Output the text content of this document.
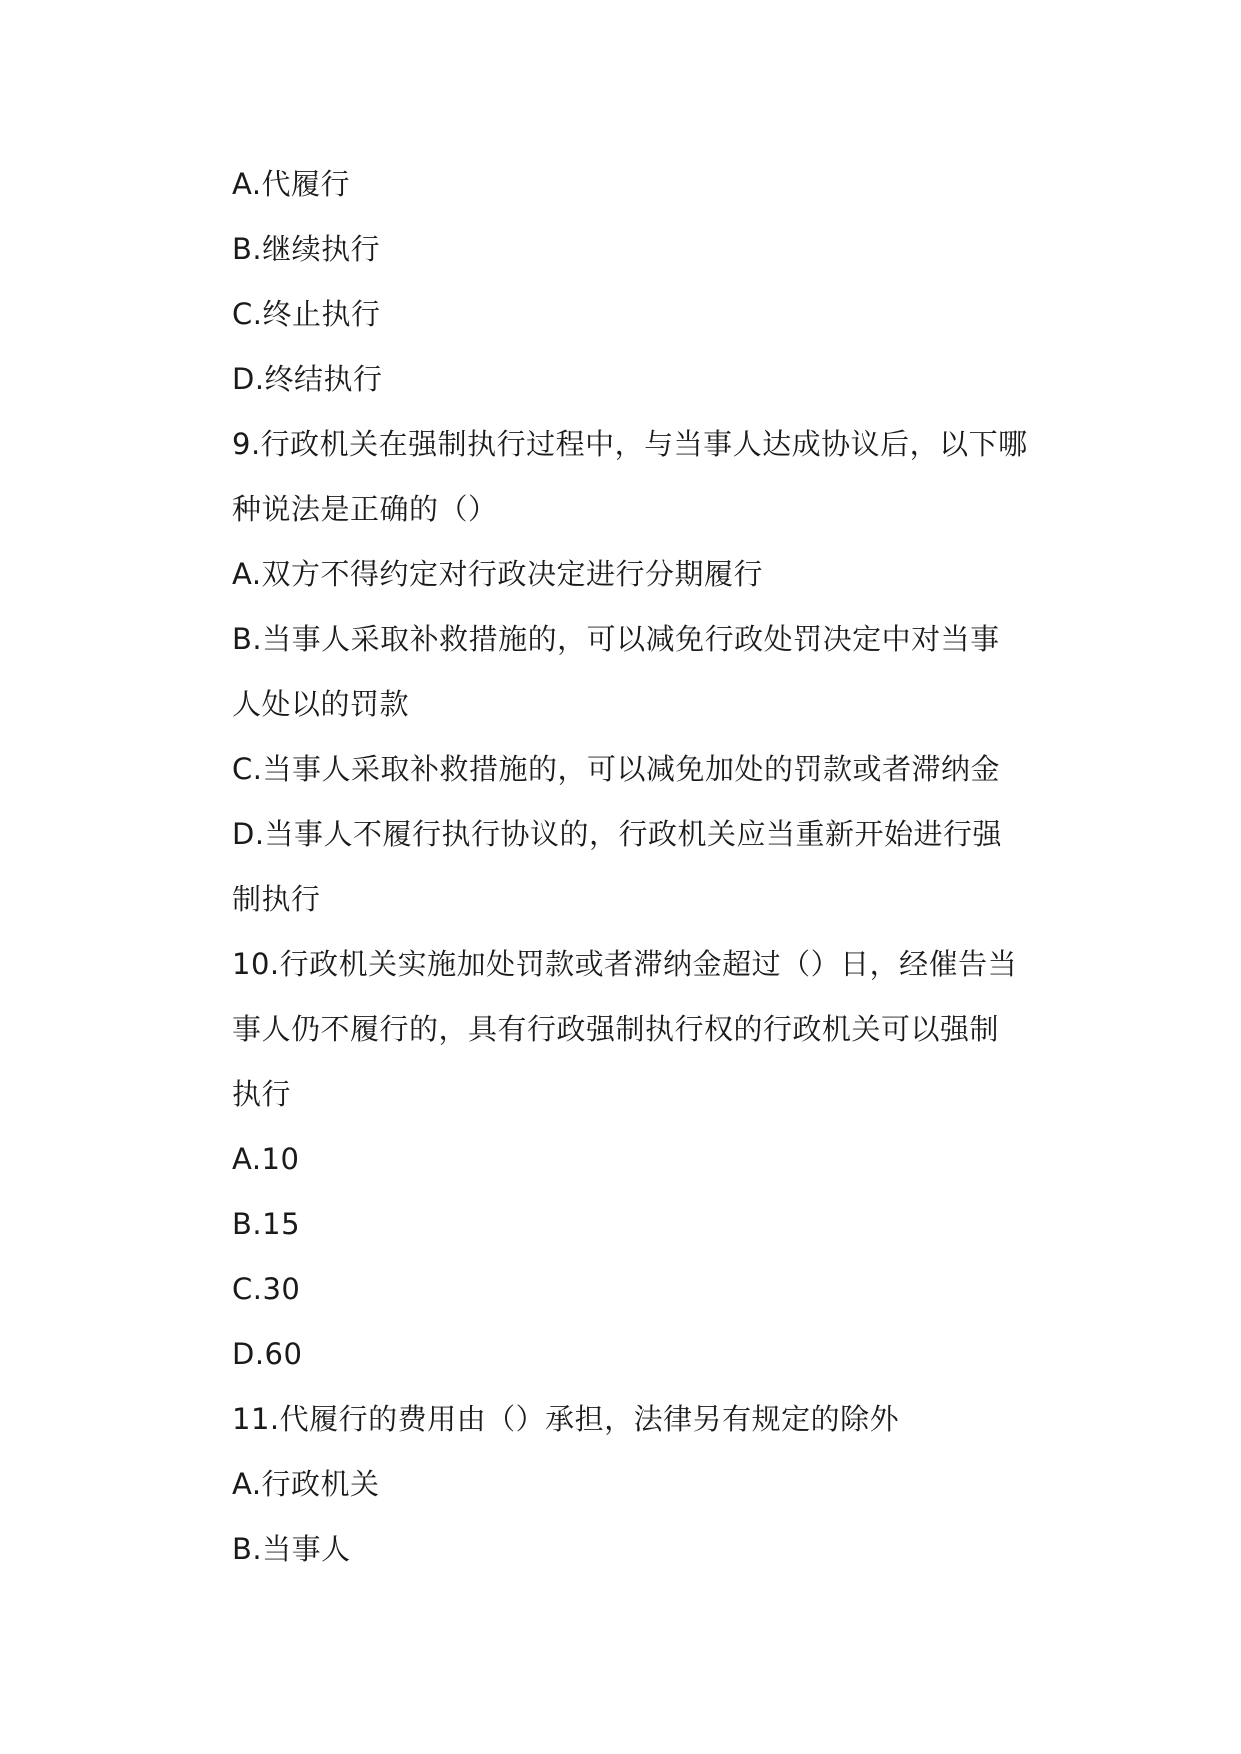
A.代履行

B.继续执行

C.终止执行

D.终结执行

9.行政机关在强制执行过程中，与当事人达成协议后，以下哪

种说法是正确的（）

A.双方不得约定对行政决定进行分期履行

B.当事人采取补救措施的，可以减免行政处罚决定中对当事

人处以的罚款

C.当事人采取补救措施的，可以减免加处的罚款或者滞纳金

D.当事人不履行执行协议的，行政机关应当重新开始进行强

制执行

10.行政机关实施加处罚款或者滞纳金超过（）日，经催告当

事人仍不履行的，具有行政强制执行权的行政机关可以强制

执行

A.10

B.15

C.30

D.60

11.代履行的费用由（）承担，法律另有规定的除外

A.行政机关

B.当事人
